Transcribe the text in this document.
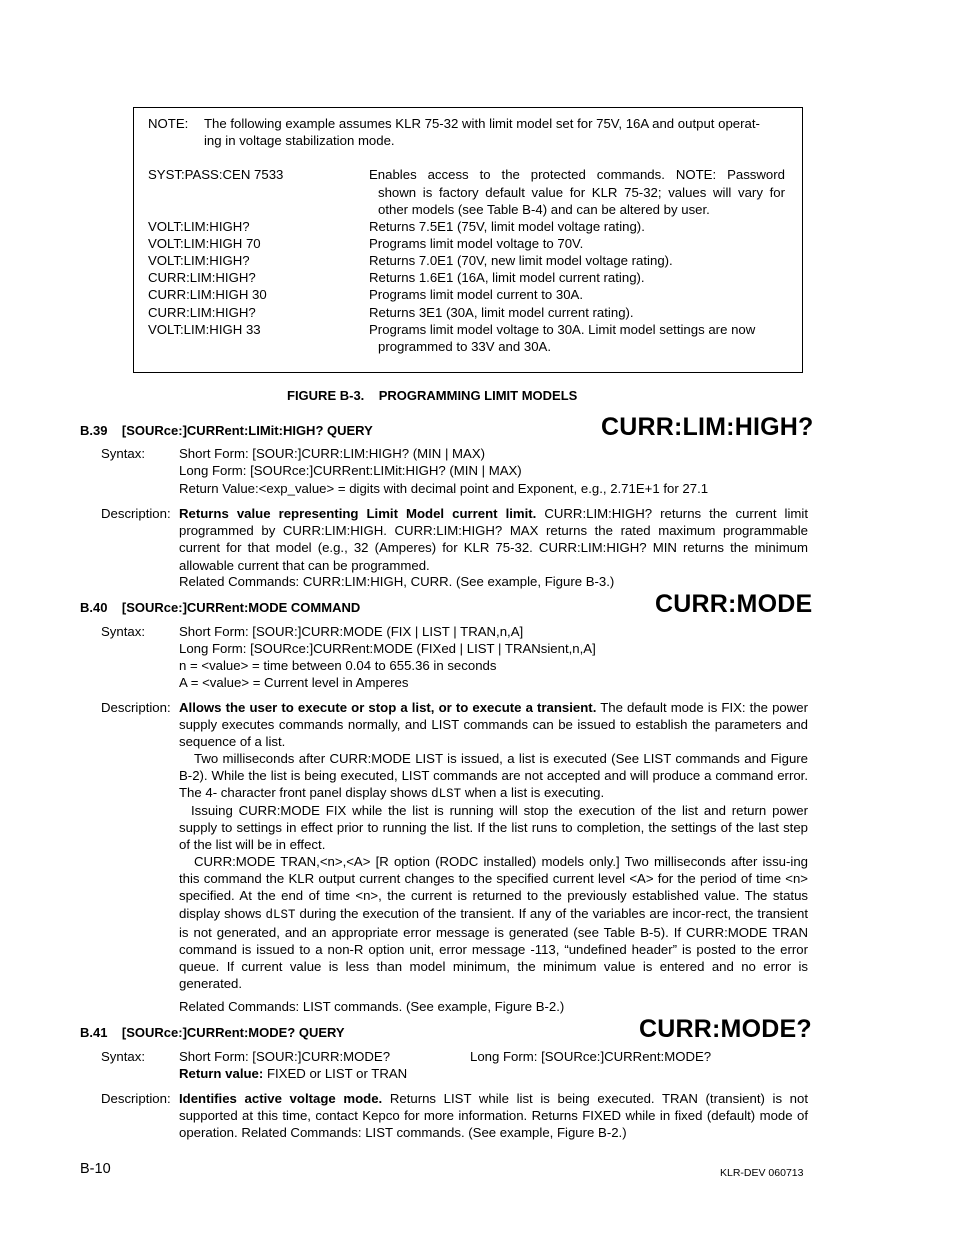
NOTE: The following example assumes KLR 75-32 with limit model set for 75V, 16A and output operat-
ing in voltage stabilization mode.
SYST:PASS:CEN 7533	Enables access to the protected commands. NOTE: Password
shown is factory default value for KLR 75-32; values will vary for
other models (see Table B-4) and can be altered by user.
VOLT:LIM:HIGH?	Returns 7.5E1 (75V, limit model voltage rating).
VOLT:LIM:HIGH 70	Programs limit model voltage to 70V.
VOLT:LIM:HIGH?	Returns 7.0E1 (70V, new limit model voltage rating).
CURR:LIM:HIGH?	Returns 1.6E1 (16A, limit model current rating).
CURR:LIM:HIGH 30	Programs limit model current to 30A.
CURR:LIM:HIGH?	Returns 3E1 (30A, limit model current rating).
VOLT:LIM:HIGH 33	Programs limit model voltage to 30A. Limit model settings are now
programmed to 33V and 30A.
FIGURE B-3.    PROGRAMMING LIMIT MODELS
B.39    [SOURce:]CURRent:LIMit:HIGH? QUERY	CURR:LIM:HIGH?
Syntax:	Short Form: [SOUR:]CURR:LIM:HIGH? (MIN | MAX)
Long Form: [SOURce:]CURRent:LIMit:HIGH? (MIN | MAX)
Return Value:<exp_value> = digits with decimal point and Exponent, e.g., 2.71E+1 for 27.1
Description: Returns value representing Limit Model current limit. CURR:LIM:HIGH? returns the current limit programmed by CURR:LIM:HIGH. CURR:LIM:HIGH? MAX returns the rated maximum programmable current for that model (e.g., 32 (Amperes) for KLR 75-32. CURR:LIM:HIGH? MIN returns the minimum allowable current that can be programmed.
Related Commands: CURR:LIM:HIGH, CURR. (See example, Figure B-3.)
B.40    [SOURce:]CURRent:MODE COMMAND	CURR:MODE
Syntax:	Short Form: [SOUR:]CURR:MODE (FIX | LIST | TRAN,n,A]
Long Form: [SOURce:]CURRent:MODE (FIXed | LIST | TRANsient,n,A]
n = <value> = time between 0.04 to 655.36 in seconds
A = <value> = Current level in Amperes
Description: Allows the user to execute or stop a list, or to execute a transient. The default mode is FIX: the power supply executes commands normally, and LIST commands can be issued to establish the parameters and sequence of a list.
Two milliseconds after CURR:MODE LIST is issued, a list is executed (See LIST commands and Figure B-2). While the list is being executed, LIST commands are not accepted and will produce a command error. The 4- character front panel display shows dLST when a list is executing.
Issuing CURR:MODE FIX while the list is running will stop the execution of the list and return power supply to settings in effect prior to running the list. If the list runs to completion, the settings of the last step of the list will be in effect.
CURR:MODE TRAN,<n>,<A> [R option (RODC installed) models only.] Two milliseconds after issu-ing this command the KLR output current changes to the specified current level <A> for the period of time <n> specified. At the end of time <n>, the current is returned to the previously established value. The status display shows dLST during the execution of the transient. If any of the variables are incor-rect, the transient is not generated, and an appropriate error message is generated (see Table B-5). If CURR:MODE TRAN command is issued to a non-R option unit, error message -113, “undefined header” is posted to the error queue. If current value is less than model minimum, the minimum value is entered and no error is generated.
Related Commands: LIST commands. (See example, Figure B-2.)
B.41    [SOURce:]CURRent:MODE? QUERY	CURR:MODE?
Syntax:	Short Form: [SOUR:]CURR:MODE?	Long Form: [SOURce:]CURRent:MODE?
Return value: FIXED or LIST or TRAN
Description: Identifies active voltage mode. Returns LIST while list is being executed. TRAN (transient) is not supported at this time, contact Kepco for more information. Returns FIXED while in fixed (default) mode of operation. Related Commands: LIST commands. (See example, Figure B-2.)
B-10	KLR-DEV 060713
